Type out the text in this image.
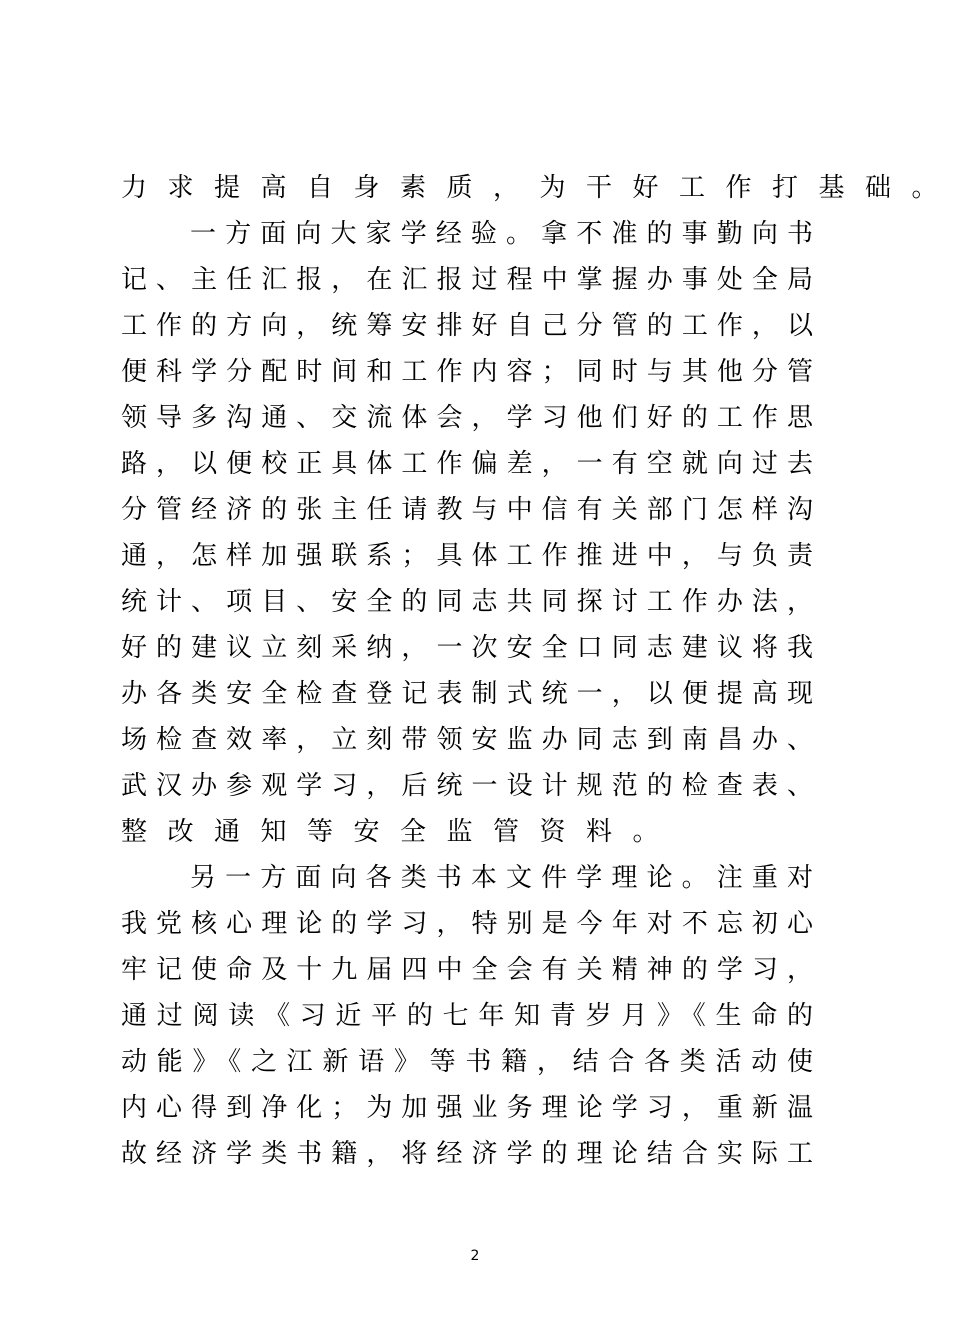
力求提高自身素质，为干好工作打基础。
一方面向大家学经验。拿不准的事勤向书
记、主任汇报，在汇报过程中掌握办事处全局
工作的方向，统筹安排好自己分管的工作，以
便科学分配时间和工作内容；同时与其他分管
领导多沟通、交流体会，学习他们好的工作思
路，以便校正具体工作偏差，一有空就向过去
分管经济的张主任请教与中信有关部门怎样沟
通，怎样加强联系；具体工作推进中，与负责
统计、项目、安全的同志共同探讨工作办法，
好的建议立刻采纳，一次安全口同志建议将我
办各类安全检查登记表制式统一，以便提高现
场检查效率，立刻带领安监办同志到南昌办、
武汉办参观学习，后统一设计规范的检查表、
整改通知等安全监管资料。
另一方面向各类书本文件学理论。注重对
我党核心理论的学习，特别是今年对不忘初心
牢记使命及十九届四中全会有关精神的学习，
通过阅读《习近平的七年知青岁月》《生命的
动能》《之江新语》等书籍，结合各类活动使
内心得到净化；为加强业务理论学习，重新温
故经济学类书籍，将经济学的理论结合实际工
2
